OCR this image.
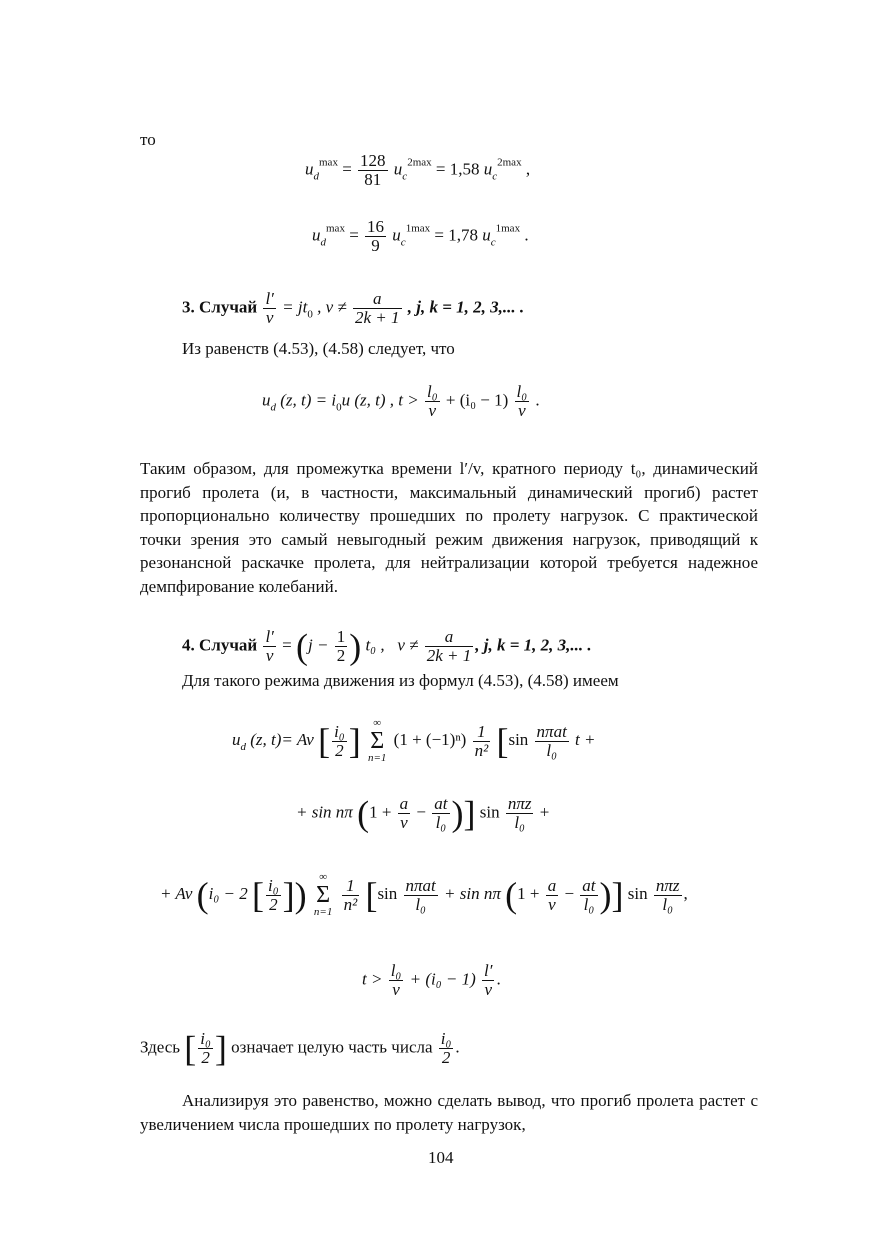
то
$u_d^{max} = \frac{128}{81} u_c^{2max} = 1,58$ $u_c^{2max}$ ,
$u_d^{max} = \frac{16}{9} u_c^{1max} = 1,78$ $u_c^{1max}$ .
3. Случай $\frac{l'}{v} = jt_0$ , $v \ne \frac{a}{2k + 1}$ , j, k = 1, 2, 3,... .
Из равенств (4.53), (4.58) следует, что
$u_d$ (z, $t) = i_0u$ (z, t) , $t > \frac{\text{l₀}}{v} + (i_0 - 1) \frac{\text{l₀}}{v}$ .
Таким образом, для промежутка времени l′/v, кратного периоду t₀, динамический прогиб пролета (и, в частности, максимальный динамический прогиб) растет пропорционально количеству прошедших по пролету нагрузок. С практической точки зрения это самый невыгодный режим движения нагрузок, приводящий к резонансной раскачке пролета, для нейтрализации которой требуется надежное демпфирование колебаний.
4. Случай $\frac{l'}{v} = (j - \frac{1}{2}$ ) t₀ , $v \ne \frac{a}{2k + 1}$ , j, k = 1, 2, 3,... .
Для такого режима движения из формул (4.53), (4.58) имеем
$u_d$ (z, t)= Av [ $\frac{\text{i₀}}{2}$ ] ∞
Σ
n=1 $(1 + (-1)^n) \frac{1}{\text{n²}} [\sin \frac{\text{nπat}}{\text{l₀}}$ t +
+ sin nπ ($1 + \frac{a}{v} - \frac{at}{\text{l₀}}$ )] $\sin \frac{\text{nπz}}{\text{l₀}}$ +
+ Av (i₀ − 2 [ $\frac{\text{i₀}}{2}$ ]) ∞
Σ
$n=1 \frac{1}{\text{n²}} [\sin \frac{\text{nπat}}{\text{l₀}} + \sin n\pi$ ($1 + \frac{a}{v} - \frac{at}{\text{l₀}}$ )] $\sin \frac{\text{nπz}}{\text{l₀}}$ ,
$t > \frac{\text{l₀}}{v} + (i_0 - 1) \frac{l'}{v}$ .
Здесь [ $\frac{\text{i₀}}{2}$ ] означает целую часть числа $\frac{\text{i₀}}{2}$ .
Анализируя это равенство, можно сделать вывод, что прогиб пролета растет с увеличением числа прошедших по пролету нагрузок,
104
